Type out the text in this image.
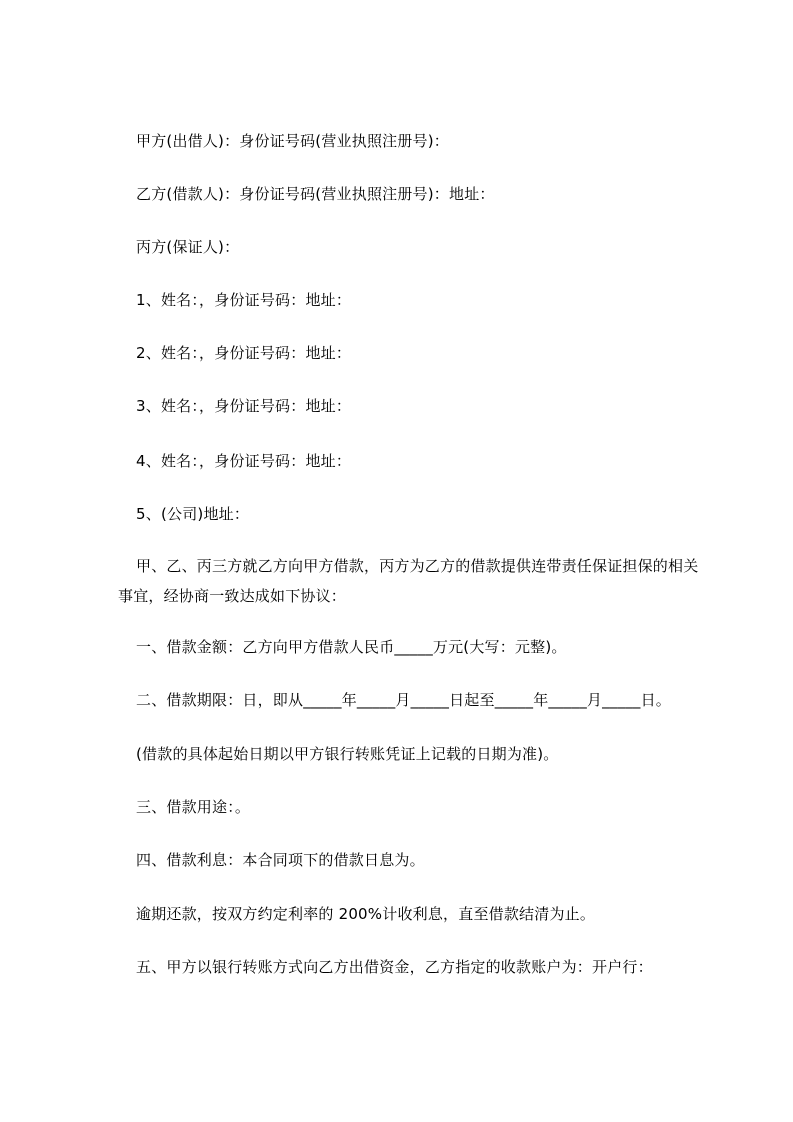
甲方(出借人)：身份证号码(营业执照注册号)：
乙方(借款人)：身份证号码(营业执照注册号)：地址：
丙方(保证人)：
1、姓名：，身份证号码：地址：
2、姓名：，身份证号码：地址：
3、姓名：，身份证号码：地址：
4、姓名：，身份证号码：地址：
5、(公司)地址：
甲、乙、丙三方就乙方向甲方借款，丙方为乙方的借款提供连带责任保证担保的相关事宜，经协商一致达成如下协议：
一、借款金额：乙方向甲方借款人民币_____万元(大写：元整)。
二、借款期限：日，即从_____年_____月_____日起至_____年_____月_____日。
(借款的具体起始日期以甲方银行转账凭证上记载的日期为准)。
三、借款用途：。
四、借款利息：本合同项下的借款日息为。
逾期还款，按双方约定利率的 200%计收利息，直至借款结清为止。
五、甲方以银行转账方式向乙方出借资金，乙方指定的收款账户为：开户行：
